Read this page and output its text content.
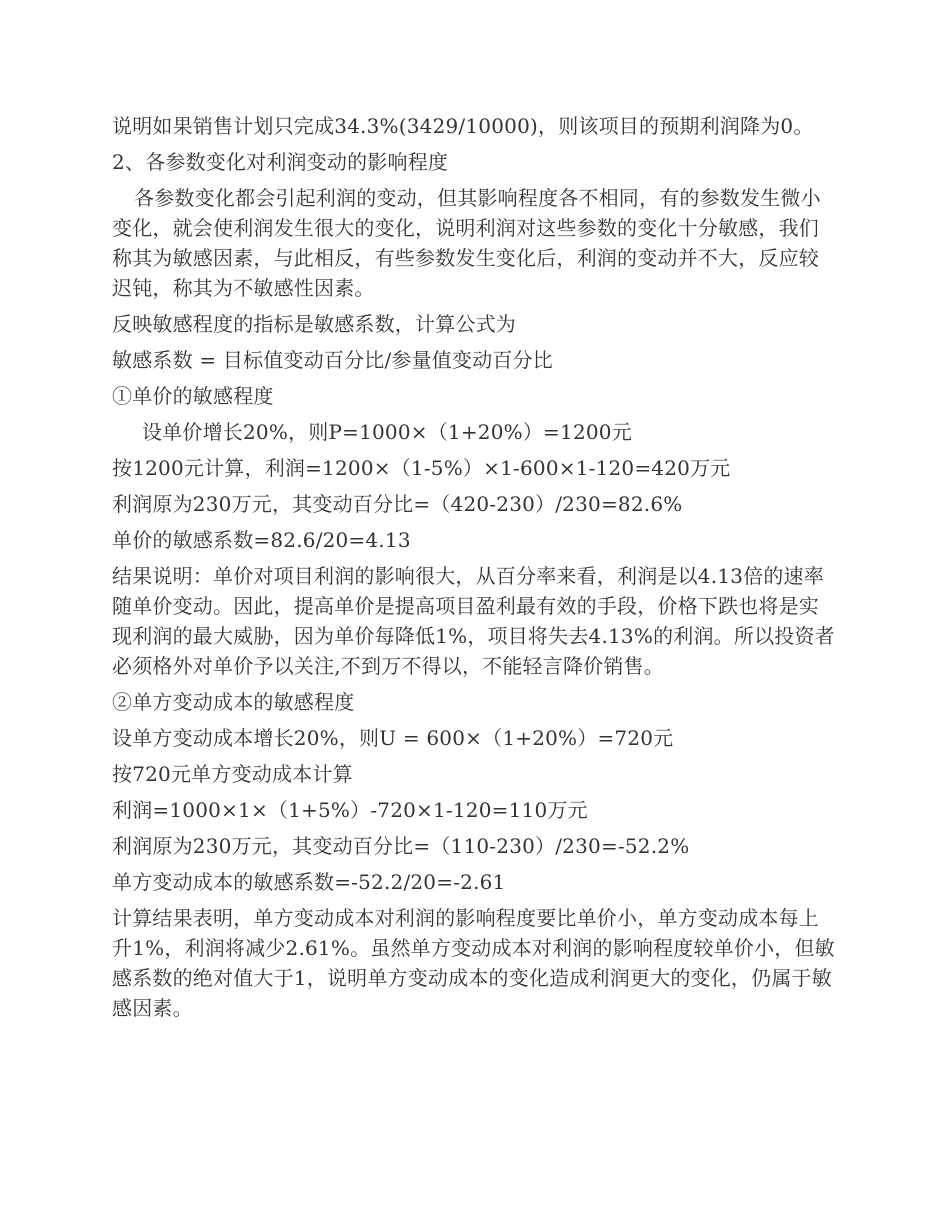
说明如果销售计划只完成34.3%(3429/10000)，则该项目的预期利润降为0。

2、各参数变化对利润变动的影响程度

各参数变化都会引起利润的变动，但其影响程度各不相同，有的参数发生微小变化，就会使利润发生很大的变化，说明利润对这些参数的变化十分敏感，我们称其为敏感因素，与此相反，有些参数发生变化后，利润的变动并不大，反应较迟钝，称其为不敏感性因素。

反映敏感程度的指标是敏感系数，计算公式为

敏感系数 = 目标值变动百分比/参量值变动百分比

①单价的敏感程度

设单价增长20%，则P=1000×（1+20%）=1200元

按1200元计算，利润=1200×（1-5%）×1-600×1-120=420万元

利润原为230万元，其变动百分比=（420-230）/230=82.6%

单价的敏感系数=82.6/20=4.13

结果说明：单价对项目利润的影响很大，从百分率来看，利润是以4.13倍的速率随单价变动。因此，提高单价是提高项目盈利最有效的手段，价格下跌也将是实现利润的最大威胁，因为单价每降低1%，项目将失去4.13%的利润。所以投资者必须格外对单价予以关注,不到万不得以，不能轻言降价销售。

②单方变动成本的敏感程度

设单方变动成本增长20%，则U = 600×（1+20%）=720元

按720元单方变动成本计算

利润=1000×1×（1+5%）-720×1-120=110万元

利润原为230万元，其变动百分比=（110-230）/230=-52.2%

单方变动成本的敏感系数=-52.2/20=-2.61

计算结果表明，单方变动成本对利润的影响程度要比单价小，单方变动成本每上升1%，利润将减少2.61%。虽然单方变动成本对利润的影响程度较单价小，但敏感系数的绝对值大于1，说明单方变动成本的变化造成利润更大的变化，仍属于敏感因素。
